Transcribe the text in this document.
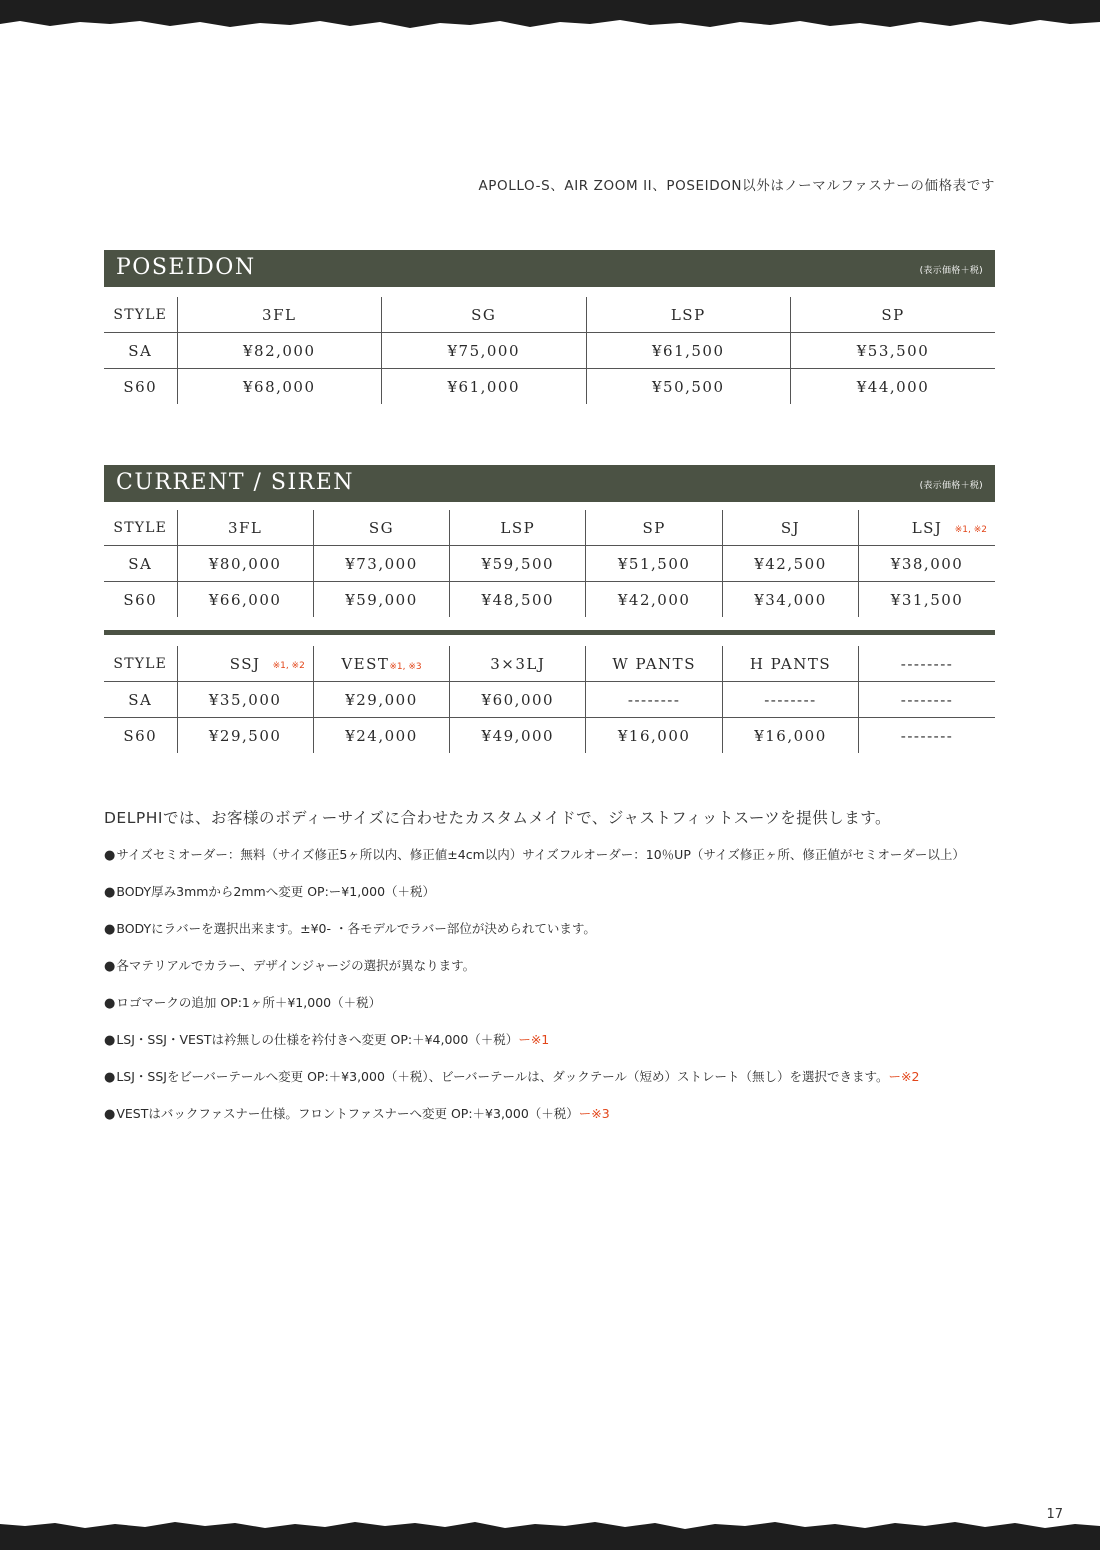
APOLLO-S、AIR ZOOM II、POSEIDON以外はノーマルファスナーの価格表です
POSEIDON	(表示価格＋税)
STYLE	3FL	SG	LSP	SP
SA	¥82,000	¥75,000	¥61,500	¥53,500
S60	¥68,000	¥61,000	¥50,500	¥44,000
CURRENT / SIREN	(表示価格＋税)
STYLE	3FL	SG	LSP	SP	SJ	LSJ ※1, ※2

SA	¥80,000	¥73,000	¥59,500	¥51,500	¥42,500	¥38,000
S60	¥66,000	¥59,000	¥48,500	¥42,000	¥34,000	¥31,500
STYLE	SSJ ※1, ※2	VEST※1, ※3	3×3LJ	W PANTS	H PANTS	--------
SA	¥35,000	¥29,000	¥60,000	--------	--------	--------
S60	¥29,500	¥24,000	¥49,000	¥16,000	¥16,000	--------
DELPHIでは、お客様のボディーサイズに合わせたカスタムメイドで、ジャストフィットスーツを提供します。
●サイズセミオーダー：無料（サイズ修正5ヶ所以内、修正値±4cm以内）サイズフルオーダー：10％UP（サイズ修正ヶ所、修正値がセミオーダー以上）
●BODY厚み3mmから2mmへ変更 OP:ー¥1,000（＋税）
●BODYにラバーを選択出来ます。±¥0- ・各モデルでラバー部位が決められています。
●各マテリアルでカラー、デザインジャージの選択が異なります。
●ロゴマークの追加 OP:1ヶ所＋¥1,000（＋税）
●LSJ・SSJ・VESTは衿無しの仕様を衿付きへ変更 OP:＋¥4,000（＋税）ー※1
●LSJ・SSJをビーバーテールへ変更 OP:＋¥3,000（＋税）、ビーバーテールは、ダックテール（短め）ストレート（無し）を選択できます。ー※2
●VESTはバックファスナー仕様。フロントファスナーへ変更 OP:＋¥3,000（＋税）ー※3
17
